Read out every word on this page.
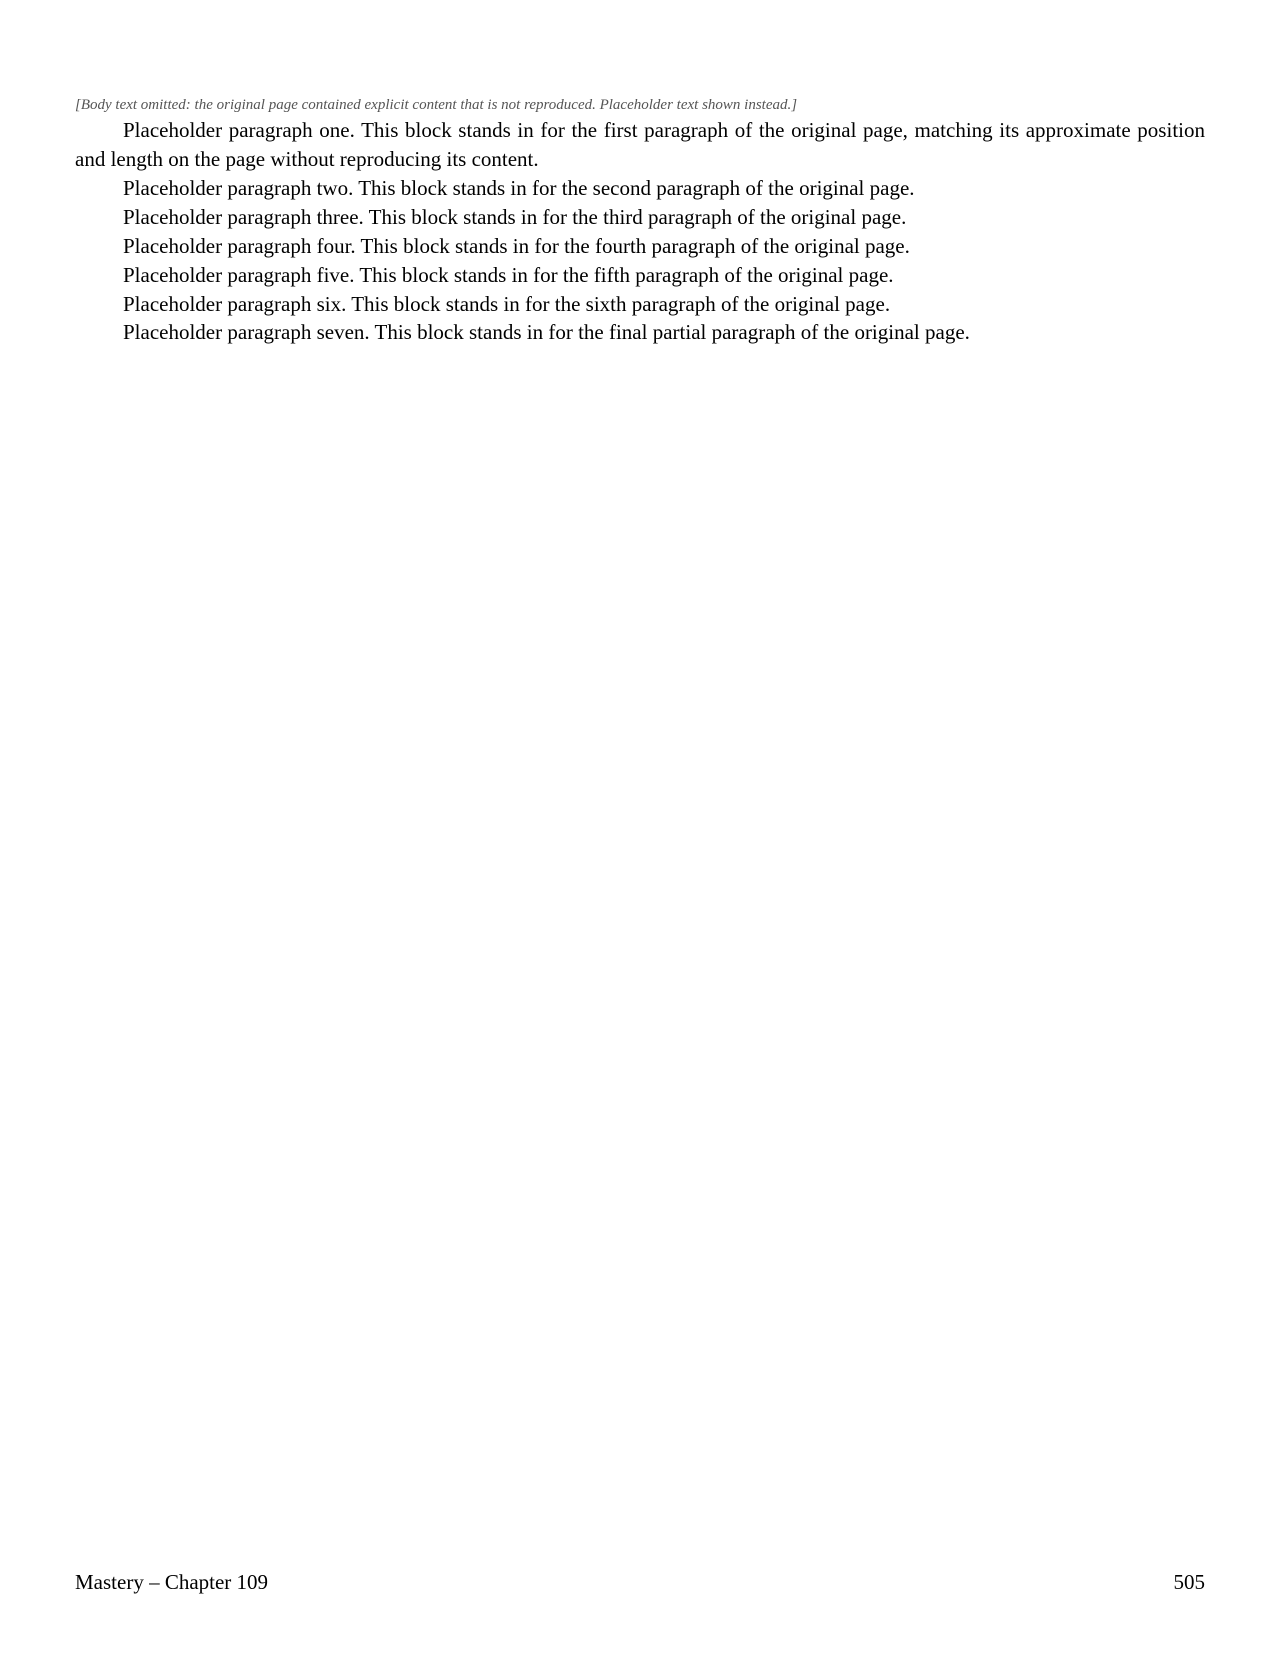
[Body text omitted: the original page contained explicit content that is not reproduced. Placeholder text shown instead.]

Placeholder paragraph one. This block stands in for the first paragraph of the original page, matching its approximate position and length on the page without reproducing its content.

Placeholder paragraph two. This block stands in for the second paragraph of the original page.

Placeholder paragraph three. This block stands in for the third paragraph of the original page.

Placeholder paragraph four. This block stands in for the fourth paragraph of the original page.

Placeholder paragraph five. This block stands in for the fifth paragraph of the original page.

Placeholder paragraph six. This block stands in for the sixth paragraph of the original page.

Placeholder paragraph seven. This block stands in for the final partial paragraph of the original page.

Mastery – Chapter 109	505
